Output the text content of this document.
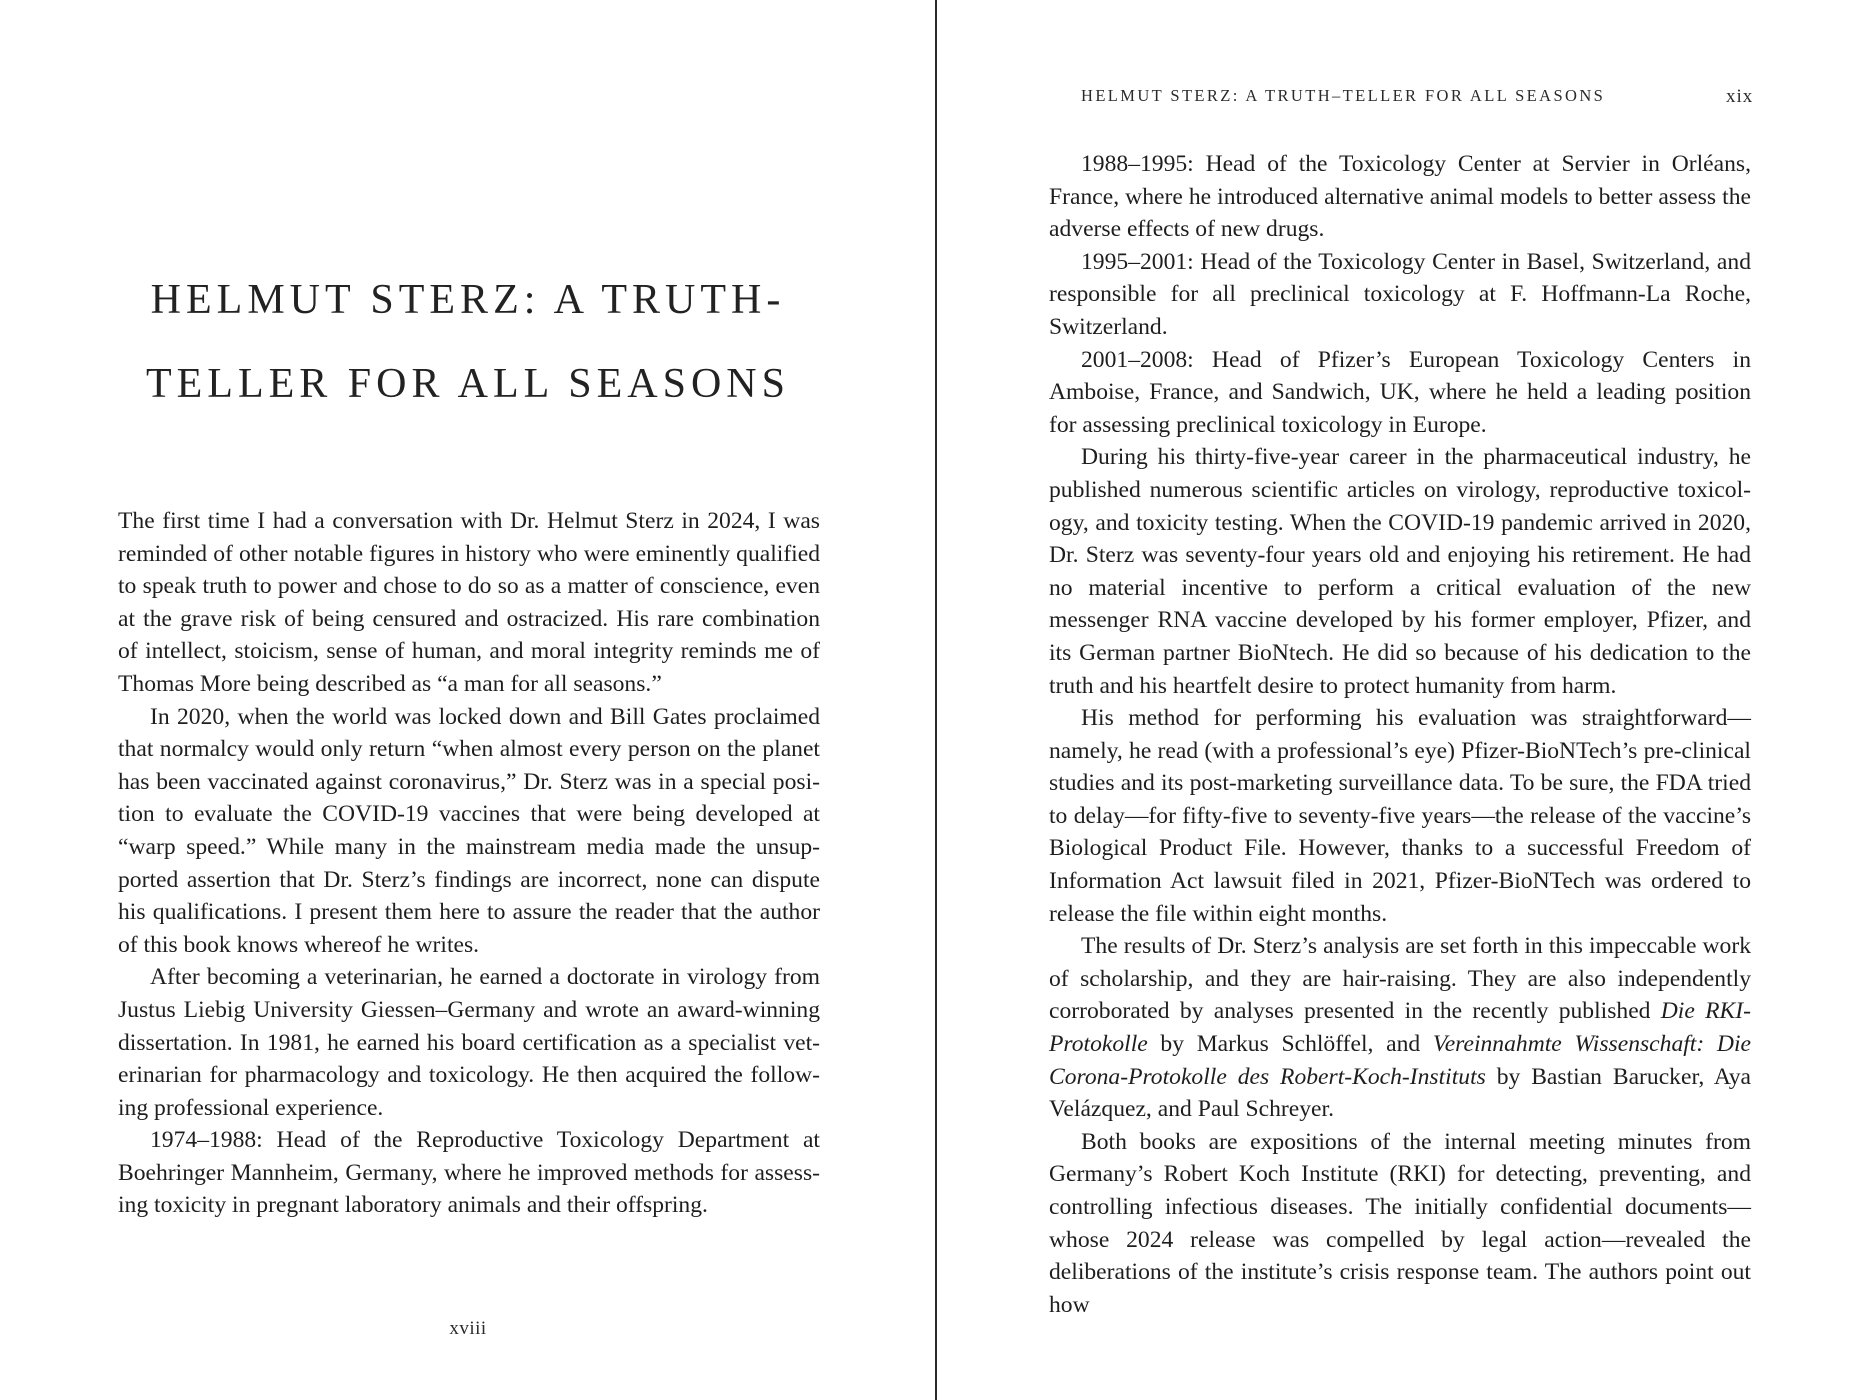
HELMUT STERZ: A TRUTH-
TELLER FOR ALL SEASONS

The first time I had a conversation with Dr. Helmut Sterz in 2024, I was reminded of other notable figures in history who were eminently qualified to speak truth to power and chose to do so as a matter of conscience, even at the grave risk of being censured and ostracized. His rare combination of intellect, stoicism, sense of human, and moral integrity reminds me of Thomas More being described as “a man for all seasons.”

In 2020, when the world was locked down and Bill Gates proclaimed that normalcy would only return “when almost every person on the planet has been vaccinated against coronavirus,” Dr. Sterz was in a special position to evaluate the COVID-19 vaccines that were being developed at “warp speed.” While many in the mainstream media made the unsupported assertion that Dr. Sterz’s findings are incorrect, none can dispute his qualifications. I present them here to assure the reader that the author of this book knows whereof he writes.

After becoming a veterinarian, he earned a doctorate in virology from Justus Liebig University Giessen–Germany and wrote an award-winning dissertation. In 1981, he earned his board certification as a specialist veterinarian for pharmacology and toxicology. He then acquired the following professional experience.

1974–1988: Head of the Reproductive Toxicology Department at Boehringer Mannheim, Germany, where he improved methods for assessing toxicity in pregnant laboratory animals and their offspring.

xviii
HELMUT STERZ: A TRUTH–TELLER FOR ALL SEASONS	xix

1988–1995: Head of the Toxicology Center at Servier in Orléans, France, where he introduced alternative animal models to better assess the adverse effects of new drugs.

1995–2001: Head of the Toxicology Center in Basel, Switzerland, and responsible for all preclinical toxicology at F. Hoffmann-La Roche, Switzerland.

2001–2008: Head of Pfizer’s European Toxicology Centers in Amboise, France, and Sandwich, UK, where he held a leading position for assessing preclinical toxicology in Europe.

During his thirty-five-year career in the pharmaceutical industry, he published numerous scientific articles on virology, reproductive toxicology, and toxicity testing. When the COVID-19 pandemic arrived in 2020, Dr. Sterz was seventy-four years old and enjoying his retirement. He had no material incentive to perform a critical evaluation of the new messenger RNA vaccine developed by his former employer, Pfizer, and its German partner BioNtech. He did so because of his dedication to the truth and his heartfelt desire to protect humanity from harm.

His method for performing his evaluation was straightforward—namely, he read (with a professional’s eye) Pfizer-BioNTech’s pre-clinical studies and its post-marketing surveillance data. To be sure, the FDA tried to delay—for fifty-five to seventy-five years—the release of the vaccine’s Biological Product File. However, thanks to a successful Freedom of Information Act lawsuit filed in 2021, Pfizer-BioNTech was ordered to release the file within eight months.

The results of Dr. Sterz’s analysis are set forth in this impeccable work of scholarship, and they are hair-raising. They are also independently corroborated by analyses presented in the recently published Die RKI-Protokolle by Markus Schlöffel, and Vereinnahmte Wissenschaft: Die Corona-Protokolle des Robert-Koch-Instituts by Bastian Barucker, Aya Velázquez, and Paul Schreyer.

Both books are expositions of the internal meeting minutes from Germany’s Robert Koch Institute (RKI) for detecting, preventing, and controlling infectious diseases. The initially confidential documents—whose 2024 release was compelled by legal action—revealed the deliberations of the institute’s crisis response team. The authors point out how
